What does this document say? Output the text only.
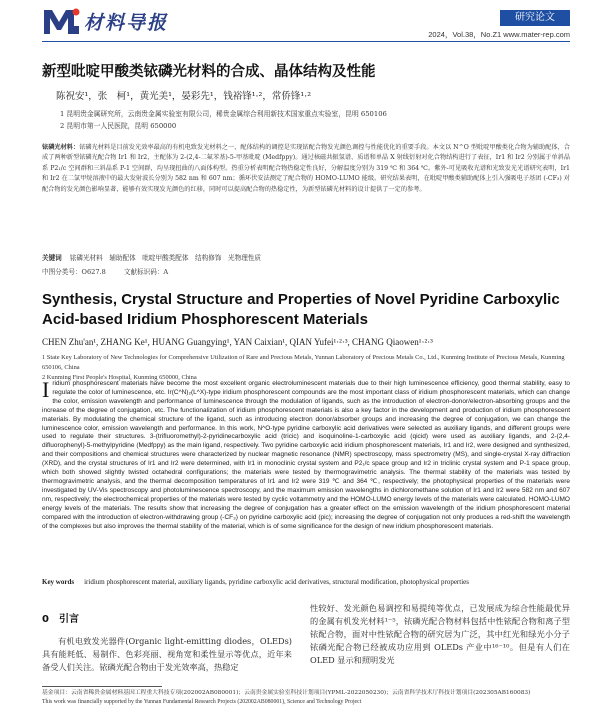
材料导报	研究论文
2024，Vol.38，No.Z1 www.mater-rep.com
新型吡啶甲酸类铱磷光材料的合成、晶体结构及性能
陈祝安¹，张　柯¹，黄光美¹，晏彩先¹，钱裕锋¹·²，常侨锋¹·²
1 昆明贵金属研究所，云南贵金属实验室有限公司，稀贵金属综合利用新技术国家重点实验室，昆明 650106
2 昆明市第一人民医院，昆明 650000
铱磷光材料：铱磷光材料是目前发光效率最高的有机电致发光材料之一，配体结构的调控是实现铱配合物发光颜色调控与性能优化的重要手段。本文以 N^O 型吡啶甲酸类化合物为辅助配体，合成了两种新型铱磷光配合物 Ir1 和 Ir2，主配体为 2-(2,4-二氟苯基)-5-甲基吡啶 (Medfppy)。通过核磁共振氢谱、质谱和单晶 X 射线衍射对化合物结构进行了表征，Ir1 和 Ir2 分别属于单斜晶系 P2₁/c 空间群和三斜晶系 P-1 空间群，均呈现扭曲的八面体构型。热重分析表明配合物热稳定性良好，分解温度分别为 319 ℃ 和 364 ℃。紫外-可见吸收光谱和光致发光光谱研究表明，Ir1 和 Ir2 在二氯甲烷溶液中的最大发射波长分别为 582 nm 和 607 nm；循环伏安法测定了配合物的 HOMO-LUMO 能级。研究结果表明，在吡啶甲酸类辅助配体上引入强吸电子基团 (-CF₃) 对配合物的发光颜色影响显著，能够有效实现发光颜色的红移，同时可以提高配合物的热稳定性，为新型铱磷光材料的设计提供了一定的参考。
关键词 铱磷光材料　辅助配体　吡啶甲酸类配体　结构修饰　光物理性质
中图分类号：O627.8	文献标识码：A
Synthesis, Crystal Structure and Properties of Novel Pyridine Carboxylic Acid-based Iridium Phosphorescent Materials
CHEN Zhu'an¹, ZHANG Ke¹, HUANG Guangying¹, YAN Caixian¹, QIAN Yufei¹·²·³, CHANG Qiaowen¹·²·³
1 State Key Laboratory of New Technologies for Comprehensive Utilization of Rare and Precious Metals, Yunnan Laboratory of Precious Metals Co., Ltd., Kunming Institute of Precious Metals, Kunming 650106, China
2 Kunming First People's Hospital, Kunming 650000, China
Iridium phosphorescent materials have become the most excellent organic electroluminescent materials due to their high luminescence efficiency, good thermal stability, easy to regulate the color of luminescence, etc. Ir(C^N)₂(L^X)-type iridium phosphorescent compounds are the most important class of iridium phosphorescent materials, which can change the color, emission wavelength and performance of luminescence through the modulation of ligands, such as the introduction of electron-donor/electron-absorbing groups and the increase of the degree of conjugation, etc. The functionalization of iridium phosphorescent materials is also a key factor in the development and production of iridium phosphorescent materials. By modulating the chemical structure of the ligand, such as introducing electron donor/absorber groups and increasing the degree of conjugation, we can change the luminescence color, emission wavelength and performance. In this work, N^O-type pyridine carboxylic acid derivatives were selected as auxiliary ligands, and different groups were used to regulate their structures. 3-(trifluoromethyl)-2-pyridinecarboxylic acid (tricic) and isoquinoline-1-carboxylic acid (qicid) were used as auxiliary ligands, and 2-(2,4-difluorophenyl)-5-methylpyridine (Medfppy) as the main ligand, respectively. Two pyridine carboxylic acid iridium phosphorescent materials, Ir1 and Ir2, were designed and synthesized, and their compositions and chemical structures were characterized by nuclear magnetic resonance (NMR) spectroscopy, mass spectrometry (MS), and single-crystal X-ray diffraction (XRD), and the crystal structures of Ir1 and Ir2 were determined, with Ir1 in monoclinic crystal system and P2₁/c space group and Ir2 in triclinic crystal system and P-1 space group, which both showed slightly twisted octahedral configurations; the materials were tested by thermogravimetric analysis. The thermal stability of the materials was tested by thermogravimetric analysis, and the thermal decomposition temperatures of Ir1 and Ir2 were 319 ℃ and 364 ℃, respectively; the photophysical properties of the materials were investigated by UV-Vis spectroscopy and photoluminescence spectroscopy, and the maximum emission wavelengths in dichloromethane solution of Ir1 and Ir2 were 582 nm and 607 nm, respectively; the electrochemical properties of the materials were tested by cyclic voltammetry and the HOMO-LUMO energy levels of the materials were calculated. HOMO-LUMO energy levels of the materials. The results show that increasing the degree of conjugation has a greater effect on the emission wavelength of the iridium phosphorescent material compared with the introduction of electron-withdrawing group (-CF₃) on pyridine carboxylic acid (pic); increasing the degree of conjugation not only produces a red-shift the wavelength of the complexes but also improves the thermal stability of the material, which is of some significance for the design of new iridium phosphorescent materials.
Key words iridium phosphorescent material, auxiliary ligands, pyridine carboxylic acid derivatives, structural modification, photophysical properties
0　引言

有机电致发光器件(Organic light-emitting diodes，OLEDs)具有能耗低、易制作、色彩亮丽、视角宽和柔性显示等优点，近年来备受人们关注。铱磷光配合物由于发光效率高，热稳定

性较好、发光颜色易调控和易提纯等优点，已发展成为综合性能最优异的金属有机发光材料¹⁻⁵，铱磷光配合物材料包括中性铱配合物和离子型铱配合物，面对中性铱配合物的研究居为广泛，其中红光和绿光小分子铱磷光配合物已经被成功应用到 OLEDs 产业中¹⁶⁻¹⁰。但是有人们在 OLED 显示和照明发光

基金项目：云南省稀贵金属材料基因工程重大科技专项(202002AB080001)；云南贵金属实验室科技计划项目(YPML-2022050230)；云南省科学技术厅科技计划项目(202305AB160083)
This work was financially supported by the Yunnan Fundamental Research Projects (202002AB080001), Science and Technology Project
